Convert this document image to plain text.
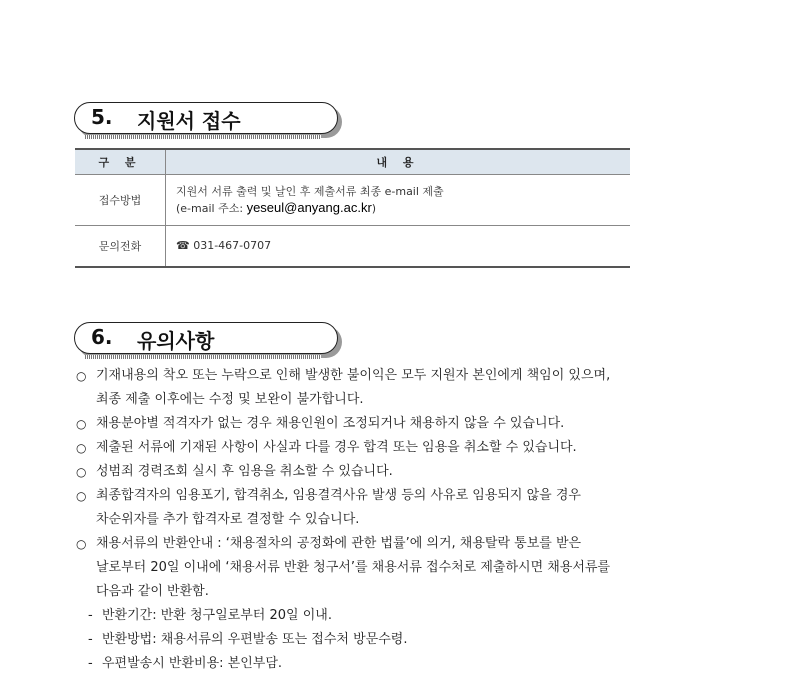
5. 지원서 접수
구 분	내 용
접수방법	지원서 서류 출력 및 날인 후 제출서류 최종 e-mail 제출
(e-mail 주소: yeseul@anyang.ac.kr)

문의전화	☎ 031-467-0707
6. 유의사항
○ 기재내용의 착오 또는 누락으로 인해 발생한 불이익은 모두 지원자 본인에게 책임이 있으며,
최종 제출 이후에는 수정 및 보완이 불가합니다.
○ 채용분야별 적격자가 없는 경우 채용인원이 조정되거나 채용하지 않을 수 있습니다.
○ 제출된 서류에 기재된 사항이 사실과 다를 경우 합격 또는 임용을 취소할 수 있습니다.
○ 성범죄 경력조회 실시 후 임용을 취소할 수 있습니다.
○ 최종합격자의 임용포기, 합격취소, 임용결격사유 발생 등의 사유로 임용되지 않을 경우
차순위자를 추가 합격자로 결정할 수 있습니다.
○ 채용서류의 반환안내 : ‘채용절차의 공정화에 관한 법률’에 의거, 채용탈락 통보를 받은
날로부터 20일 이내에 ‘채용서류 반환 청구서’를 채용서류 접수처로 제출하시면 채용서류를
다음과 같이 반환함.
- 반환기간: 반환 청구일로부터 20일 이내.
- 반환방법: 채용서류의 우편발송 또는 접수처 방문수령.
- 우편발송시 반환비용: 본인부담.
